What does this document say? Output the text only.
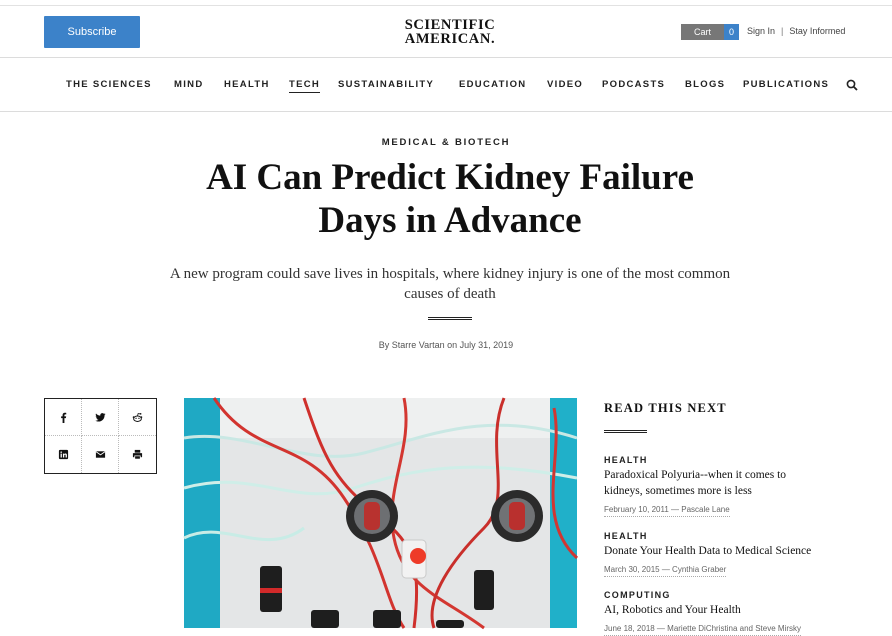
Subscribe	SCIENTIFIC
AMERICAN.	Cart	0	Sign In | Stay Informed
THE SCIENCES MIND HEALTH TECH SUSTAINABILITY	EDUCATION VIDEO PODCASTS BLOGS PUBLICATIONS
MEDICAL & BIOTECH
AI Can Predict Kidney Failure
Days in Advance

A new program could save lives in hospitals, where kidney injury is one of the most common
causes of death

By Starre Vartan on July 31, 2019
READ THIS NEXT
HEALTH
Paradoxical Polyuria--when it comes to
kidneys, sometimes more is less
February 10, 2011 — Pascale Lane
HEALTH
Donate Your Health Data to Medical Science
March 30, 2015 — Cynthia Graber
COMPUTING
AI, Robotics and Your Health
June 18, 2018 — Mariette DiChristina and Steve Mirsky
